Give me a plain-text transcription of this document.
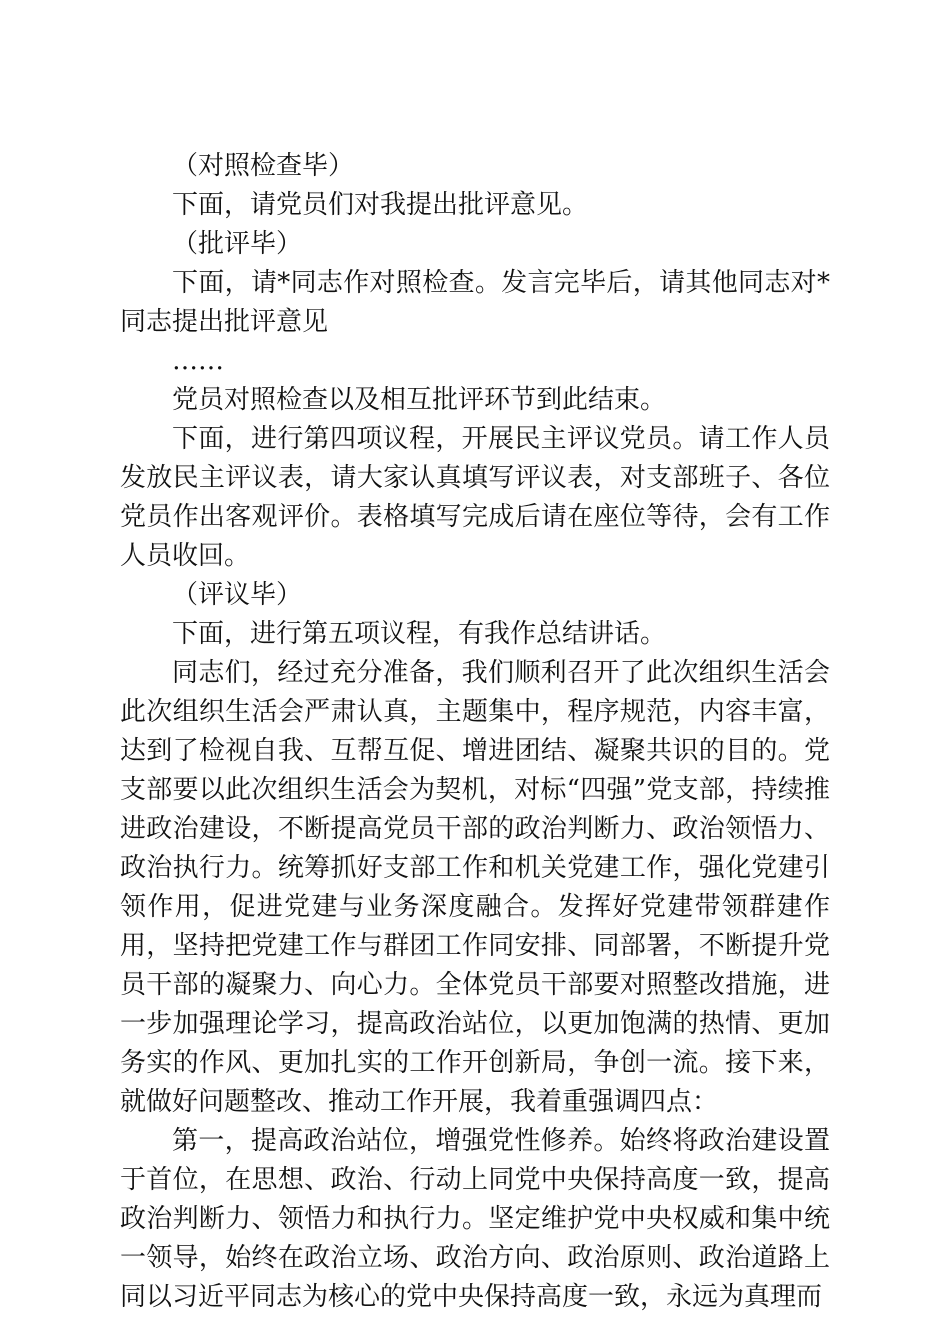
（对照检查毕）

下面，请党员们对我提出批评意见。

（批评毕）

下面，请*同志作对照检查。发言完毕后，请其他同志对*同志提出批评意见

……

党员对照检查以及相互批评环节到此结束。

下面，进行第四项议程，开展民主评议党员。请工作人员发放民主评议表，请大家认真填写评议表，对支部班子、各位党员作出客观评价。表格填写完成后请在座位等待，会有工作人员收回。

（评议毕）

下面，进行第五项议程，有我作总结讲话。

同志们，经过充分准备，我们顺利召开了此次组织生活会此次组织生活会严肃认真，主题集中，程序规范，内容丰富，达到了检视自我、互帮互促、增进团结、凝聚共识的目的。党支部要以此次组织生活会为契机，对标“四强”党支部，持续推进政治建设，不断提高党员干部的政治判断力、政治领悟力、政治执行力。统筹抓好支部工作和机关党建工作，强化党建引领作用，促进党建与业务深度融合。发挥好党建带领群建作用，坚持把党建工作与群团工作同安排、同部署，不断提升党员干部的凝聚力、向心力。全体党员干部要对照整改措施，进一步加强理论学习，提高政治站位，以更加饱满的热情、更加务实的作风、更加扎实的工作开创新局，争创一流。接下来，就做好问题整改、推动工作开展，我着重强调四点：

第一，提高政治站位，增强党性修养。始终将政治建设置于首位，在思想、政治、行动上同党中央保持高度一致，提高政治判断力、领悟力和执行力。坚定维护党中央权威和集中统一领导，始终在政治立场、政治方向、政治原则、政治道路上同以习近平同志为核心的党中央保持高度一致，永远为真理而
